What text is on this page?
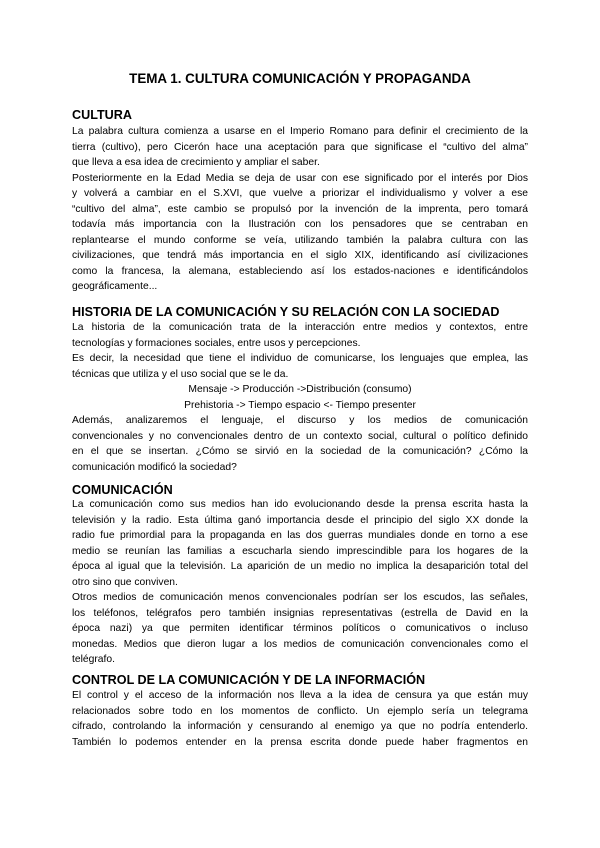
TEMA 1. CULTURA COMUNICACIÓN Y PROPAGANDA
CULTURA
La palabra cultura comienza a usarse en el Imperio Romano para definir el crecimiento de la
tierra (cultivo), pero Cicerón hace una aceptación para que significase el “cultivo del alma”
que lleva a esa idea de crecimiento y ampliar el saber.
Posteriormente en la Edad Media se deja de usar con ese significado por el interés por Dios
y volverá a cambiar en el S.XVI, que vuelve a priorizar el individualismo y volver a ese
“cultivo del alma”, este cambio se propulsó por la invención de la imprenta, pero tomará
todavía más importancia con la Ilustración con los pensadores que se centraban en
replantearse el mundo conforme se veía, utilizando también la palabra cultura con las
civilizaciones, que tendrá más importancia en el siglo XIX, identificando así civilizaciones
como la francesa, la alemana, estableciendo así los estados-naciones e identificándolos
geográficamente...
HISTORIA DE LA COMUNICACIÓN Y SU RELACIÓN CON LA SOCIEDAD
La historia de la comunicación trata de la interacción entre medios y contextos, entre
tecnologías y formaciones sociales, entre usos y percepciones.
Es decir, la necesidad que tiene el individuo de comunicarse, los lenguajes que emplea, las
técnicas que utiliza y el uso social que se le da.
Mensaje -> Producción ->Distribución (consumo)
Prehistoria -> Tiempo espacio <- Tiempo presenter
Además, analizaremos el lenguaje, el discurso y los medios de comunicación
convencionales y no convencionales dentro de un contexto social, cultural o político definido
en el que se insertan. ¿Cómo se sirvió en la sociedad de la comunicación? ¿Cómo la
comunicación modificó la sociedad?
COMUNICACIÓN
La comunicación como sus medios han ido evolucionando desde la prensa escrita hasta la
televisión y la radio. Esta última ganó importancia desde el principio del siglo XX donde la
radio fue primordial para la propaganda en las dos guerras mundiales donde en torno a ese
medio se reunían las familias a escucharla siendo imprescindible para los hogares de la
época al igual que la televisión. La aparición de un medio no implica la desaparición total del
otro sino que conviven.
Otros medios de comunicación menos convencionales podrían ser los escudos, las señales,
los teléfonos, telégrafos pero también insignias representativas (estrella de David en la
época nazi) ya que permiten identificar términos políticos o comunicativos o incluso
monedas. Medios que dieron lugar a los medios de comunicación convencionales como el
telégrafo.
CONTROL DE LA COMUNICACIÓN Y DE LA INFORMACIÓN
El control y el acceso de la información nos lleva a la idea de censura ya que están muy
relacionados sobre todo en los momentos de conflicto. Un ejemplo sería un telegrama
cifrado, controlando la información y censurando al enemigo ya que no podría entenderlo.
También lo podemos entender en la prensa escrita donde puede haber fragmentos en
